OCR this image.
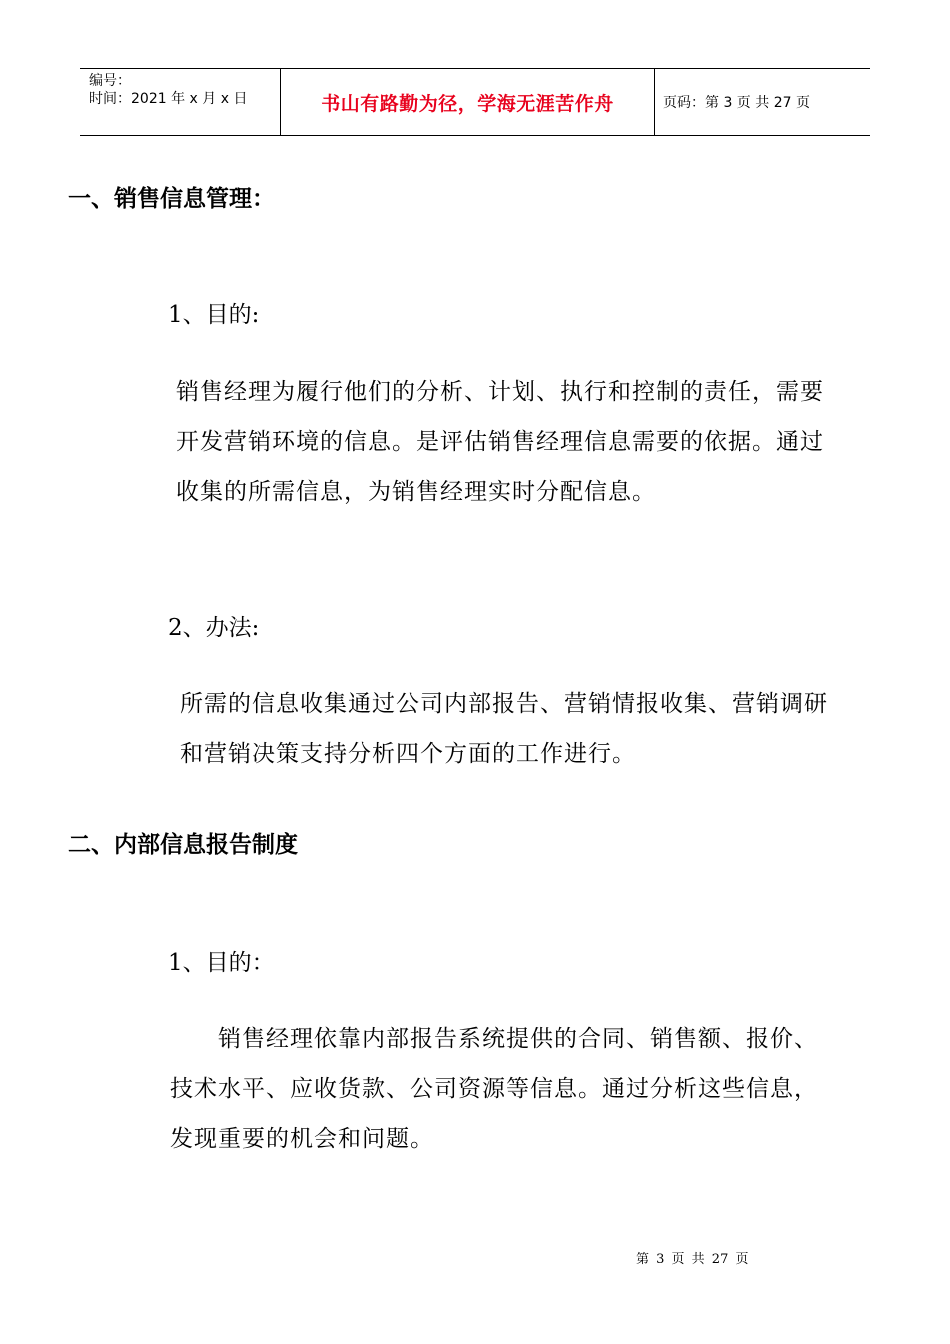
编号：
时间：2021 年 x 月 x 日	书山有路勤为径，学海无涯苦作舟	页码：第 3 页 共 27 页
一、销售信息管理：
1、目的:
销售经理为履行他们的分析、计划、执行和控制的责任，需要
开发营销环境的信息。是评估销售经理信息需要的依据。通过
收集的所需信息，为销售经理实时分配信息。
2、办法:
所需的信息收集通过公司内部报告、营销情报收集、营销调研
和营销决策支持分析四个方面的工作进行。
二、内部信息报告制度
1、目的：
销售经理依靠内部报告系统提供的合同、销售额、报价、
技术水平、应收货款、公司资源等信息。通过分析这些信息，
发现重要的机会和问题。
第 3 页 共 27 页
